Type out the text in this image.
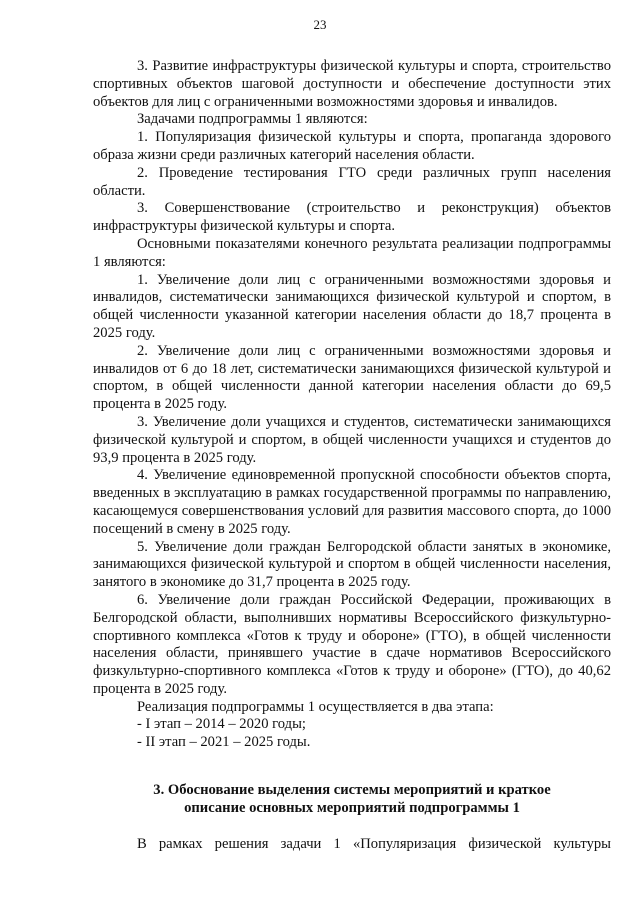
23

3. Развитие инфраструктуры физической культуры и спорта, строительство спортивных объектов шаговой доступности и обеспечение доступности этих объектов для лиц с ограниченными возможностями здоровья и инвалидов.

Задачами подпрограммы 1 являются:

1. Популяризация физической культуры и спорта, пропаганда здорового образа жизни среди различных категорий населения области.

2. Проведение тестирования ГТО среди различных групп населения области.

3. Совершенствование (строительство и реконструкция) объектов инфраструктуры физической культуры и спорта.

Основными показателями конечного результата реализации подпрограммы 1 являются:

1. Увеличение доли лиц с ограниченными возможностями здоровья и инвалидов, систематически занимающихся физической культурой и спортом, в общей численности указанной категории населения области до 18,7 процента в 2025 году.

2. Увеличение доли лиц с ограниченными возможностями здоровья и инвалидов от 6 до 18 лет, систематически занимающихся физической культурой и спортом, в общей численности данной категории населения области до 69,5 процента в 2025 году.

3. Увеличение доли учащихся и студентов, систематически занимающихся физической культурой и спортом, в общей численности учащихся и студентов до 93,9 процента в 2025 году.

4. Увеличение единовременной пропускной способности объектов спорта, введенных в эксплуатацию в рамках государственной программы по направлению, касающемуся совершенствования условий для развития массового спорта, до 1000 посещений в смену в 2025 году.

5. Увеличение доли граждан Белгородской области занятых в экономике, занимающихся физической культурой и спортом в общей численности населения, занятого в экономике до 31,7 процента в 2025 году.

6. Увеличение доли граждан Российской Федерации, проживающих в Белгородской области, выполнивших нормативы Всероссийского физкультурно-спортивного комплекса «Готов к труду и обороне» (ГТО), в общей численности населения области, принявшего участие в сдаче нормативов Всероссийского физкультурно-спортивного комплекса «Готов к труду и обороне» (ГТО), до 40,62 процента в 2025 году.

Реализация подпрограммы 1 осуществляется в два этапа:

- I этап – 2014 – 2020 годы;
- II этап – 2021 – 2025 годы.
3. Обоснование выделения системы мероприятий и краткое
описание основных мероприятий подпрограммы 1
В рамках решения задачи 1 «Популяризация физической культуры
